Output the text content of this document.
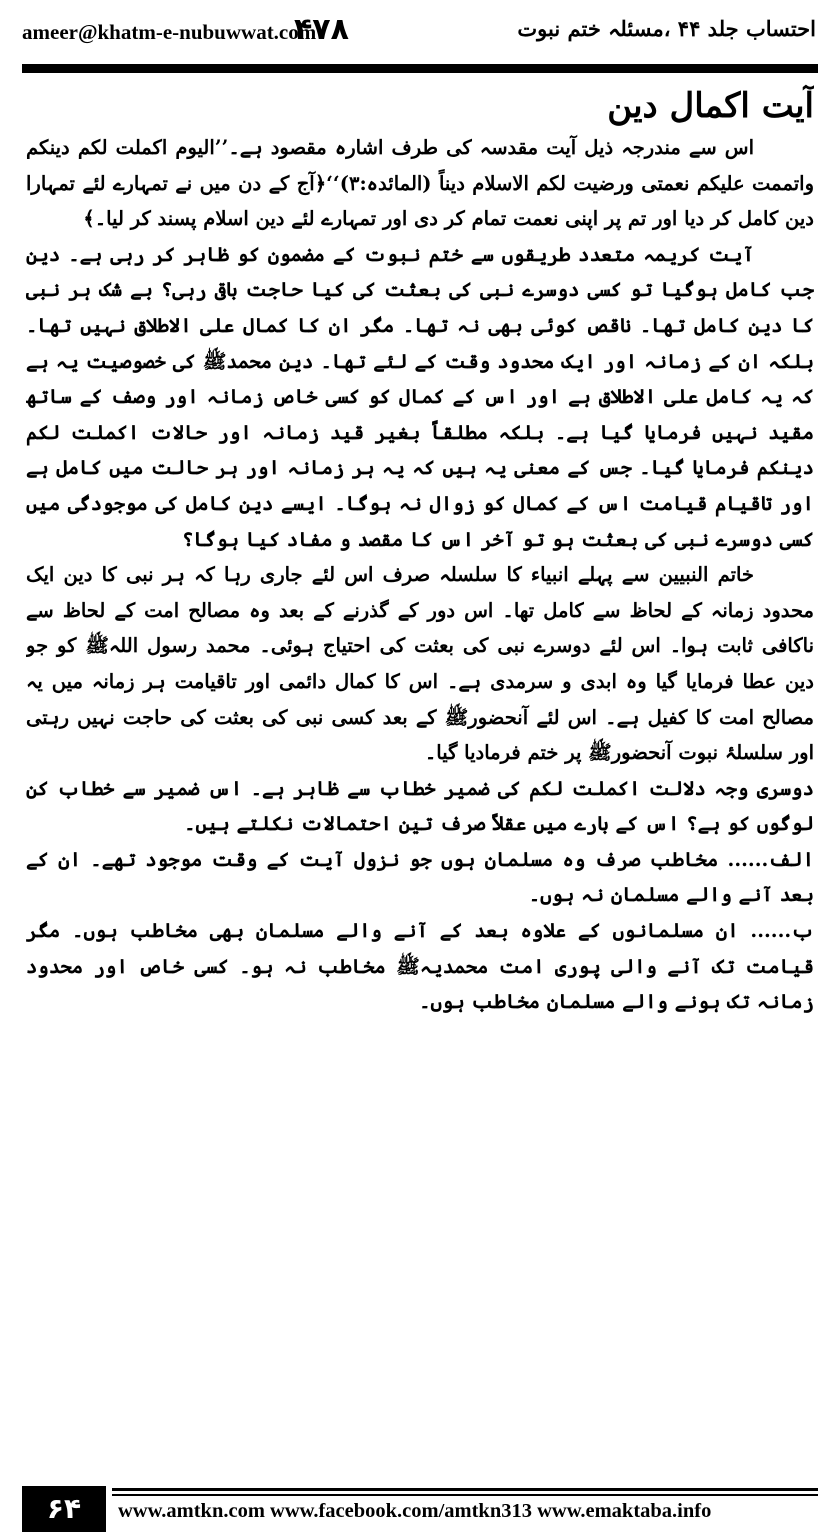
ameer@khatm-e-nubuwwat.com
۴۷۸	احتساب جلد ۴۴ ،مسئلہ ختم نبوت
آیت اکمال دین

اس سے مندرجہ ذیل آیت مقدسہ کی طرف اشارہ مقصود ہے۔’’الیوم اکملت لکم دینکم واتممت علیکم نعمتی ورضیت لکم الاسلام دیناً (المائدہ:۳)‘‘﴿آج کے دن میں نے تمہارے لئے تمہارا دین کامل کر دیا اور تم پر اپنی نعمت تمام کر دی اور تمہارے لئے دین اسلام پسند کر لیا۔﴾

آیت کریمہ متعدد طریقوں سے ختم نبوت کے مضمون کو ظاہر کر رہی ہے۔ دین جب کامل ہوگیا تو کسی دوسرے نبی کی بعثت کی کیا حاجت باقی رہی؟ بے شک ہر نبی کا دین کامل تھا۔ ناقص کوئی بھی نہ تھا۔ مگر ان کا کمال علی الاطلاق نہیں تھا۔ بلکہ ان کے زمانہ اور ایک محدود وقت کے لئے تھا۔ دین محمدﷺ کی خصوصیت یہ ہے کہ یہ کامل علی الاطلاق ہے اور اس کے کمال کو کسی خاص زمانہ اور وصف کے ساتھ مقید نہیں فرمایا گیا ہے۔ بلکہ مطلقاً بغیر قید زمانہ اور حالات اکملت لکم دینکم فرمایا گیا۔ جس کے معنی یہ ہیں کہ یہ ہر زمانہ اور ہر حالت میں کامل ہے اور تاقیام قیامت اس کے کمال کو زوال نہ ہوگا۔ ایسے دین کامل کی موجودگی میں کسی دوسرے نبی کی بعثت ہو تو آخر اس کا مقصد و مفاد کیا ہوگا؟

خاتم النبیین سے پہلے انبیاء کا سلسلہ صرف اس لئے جاری رہا کہ ہر نبی کا دین ایک محدود زمانہ کے لحاظ سے کامل تھا۔ اس دور کے گذرنے کے بعد وہ مصالح امت کے لحاظ سے ناکافی ثابت ہوا۔ اس لئے دوسرے نبی کی بعثت کی احتیاج ہوئی۔ محمد رسول اللہﷺ کو جو دین عطا فرمایا گیا وہ ابدی و سرمدی ہے۔ اس کا کمال دائمی اور تاقیامت ہر زمانہ میں یہ مصالح امت کا کفیل ہے۔ اس لئے آنحضورﷺ کے بعد کسی نبی کی بعثت کی حاجت نہیں رہتی اور سلسلۂ نبوت آنحضورﷺ پر ختم فرمادیا گیا۔

دوسری وجہ دلالت اکملت لکم کی ضمیر خطاب سے ظاہر ہے۔ اس ضمیر سے خطاب کن لوگوں کو ہے؟ اس کے بارے میں عقلاً صرف تین احتمالات نکلتے ہیں۔

الف...... مخاطب صرف وہ مسلمان ہوں جو نزول آیت کے وقت موجود تھے۔ ان کے بعد آنے والے مسلمان نہ ہوں۔

ب...... ان مسلمانوں کے علاوہ بعد کے آنے والے مسلمان بھی مخاطب ہوں۔ مگر قیامت تک آنے والی پوری امت محمدیہﷺ مخاطب نہ ہو۔ کسی خاص اور محدود زمانہ تک ہونے والے مسلمان مخاطب ہوں۔

۶۴	www.amtkn.com www.facebook.com/amtkn313 www.emaktaba.info
